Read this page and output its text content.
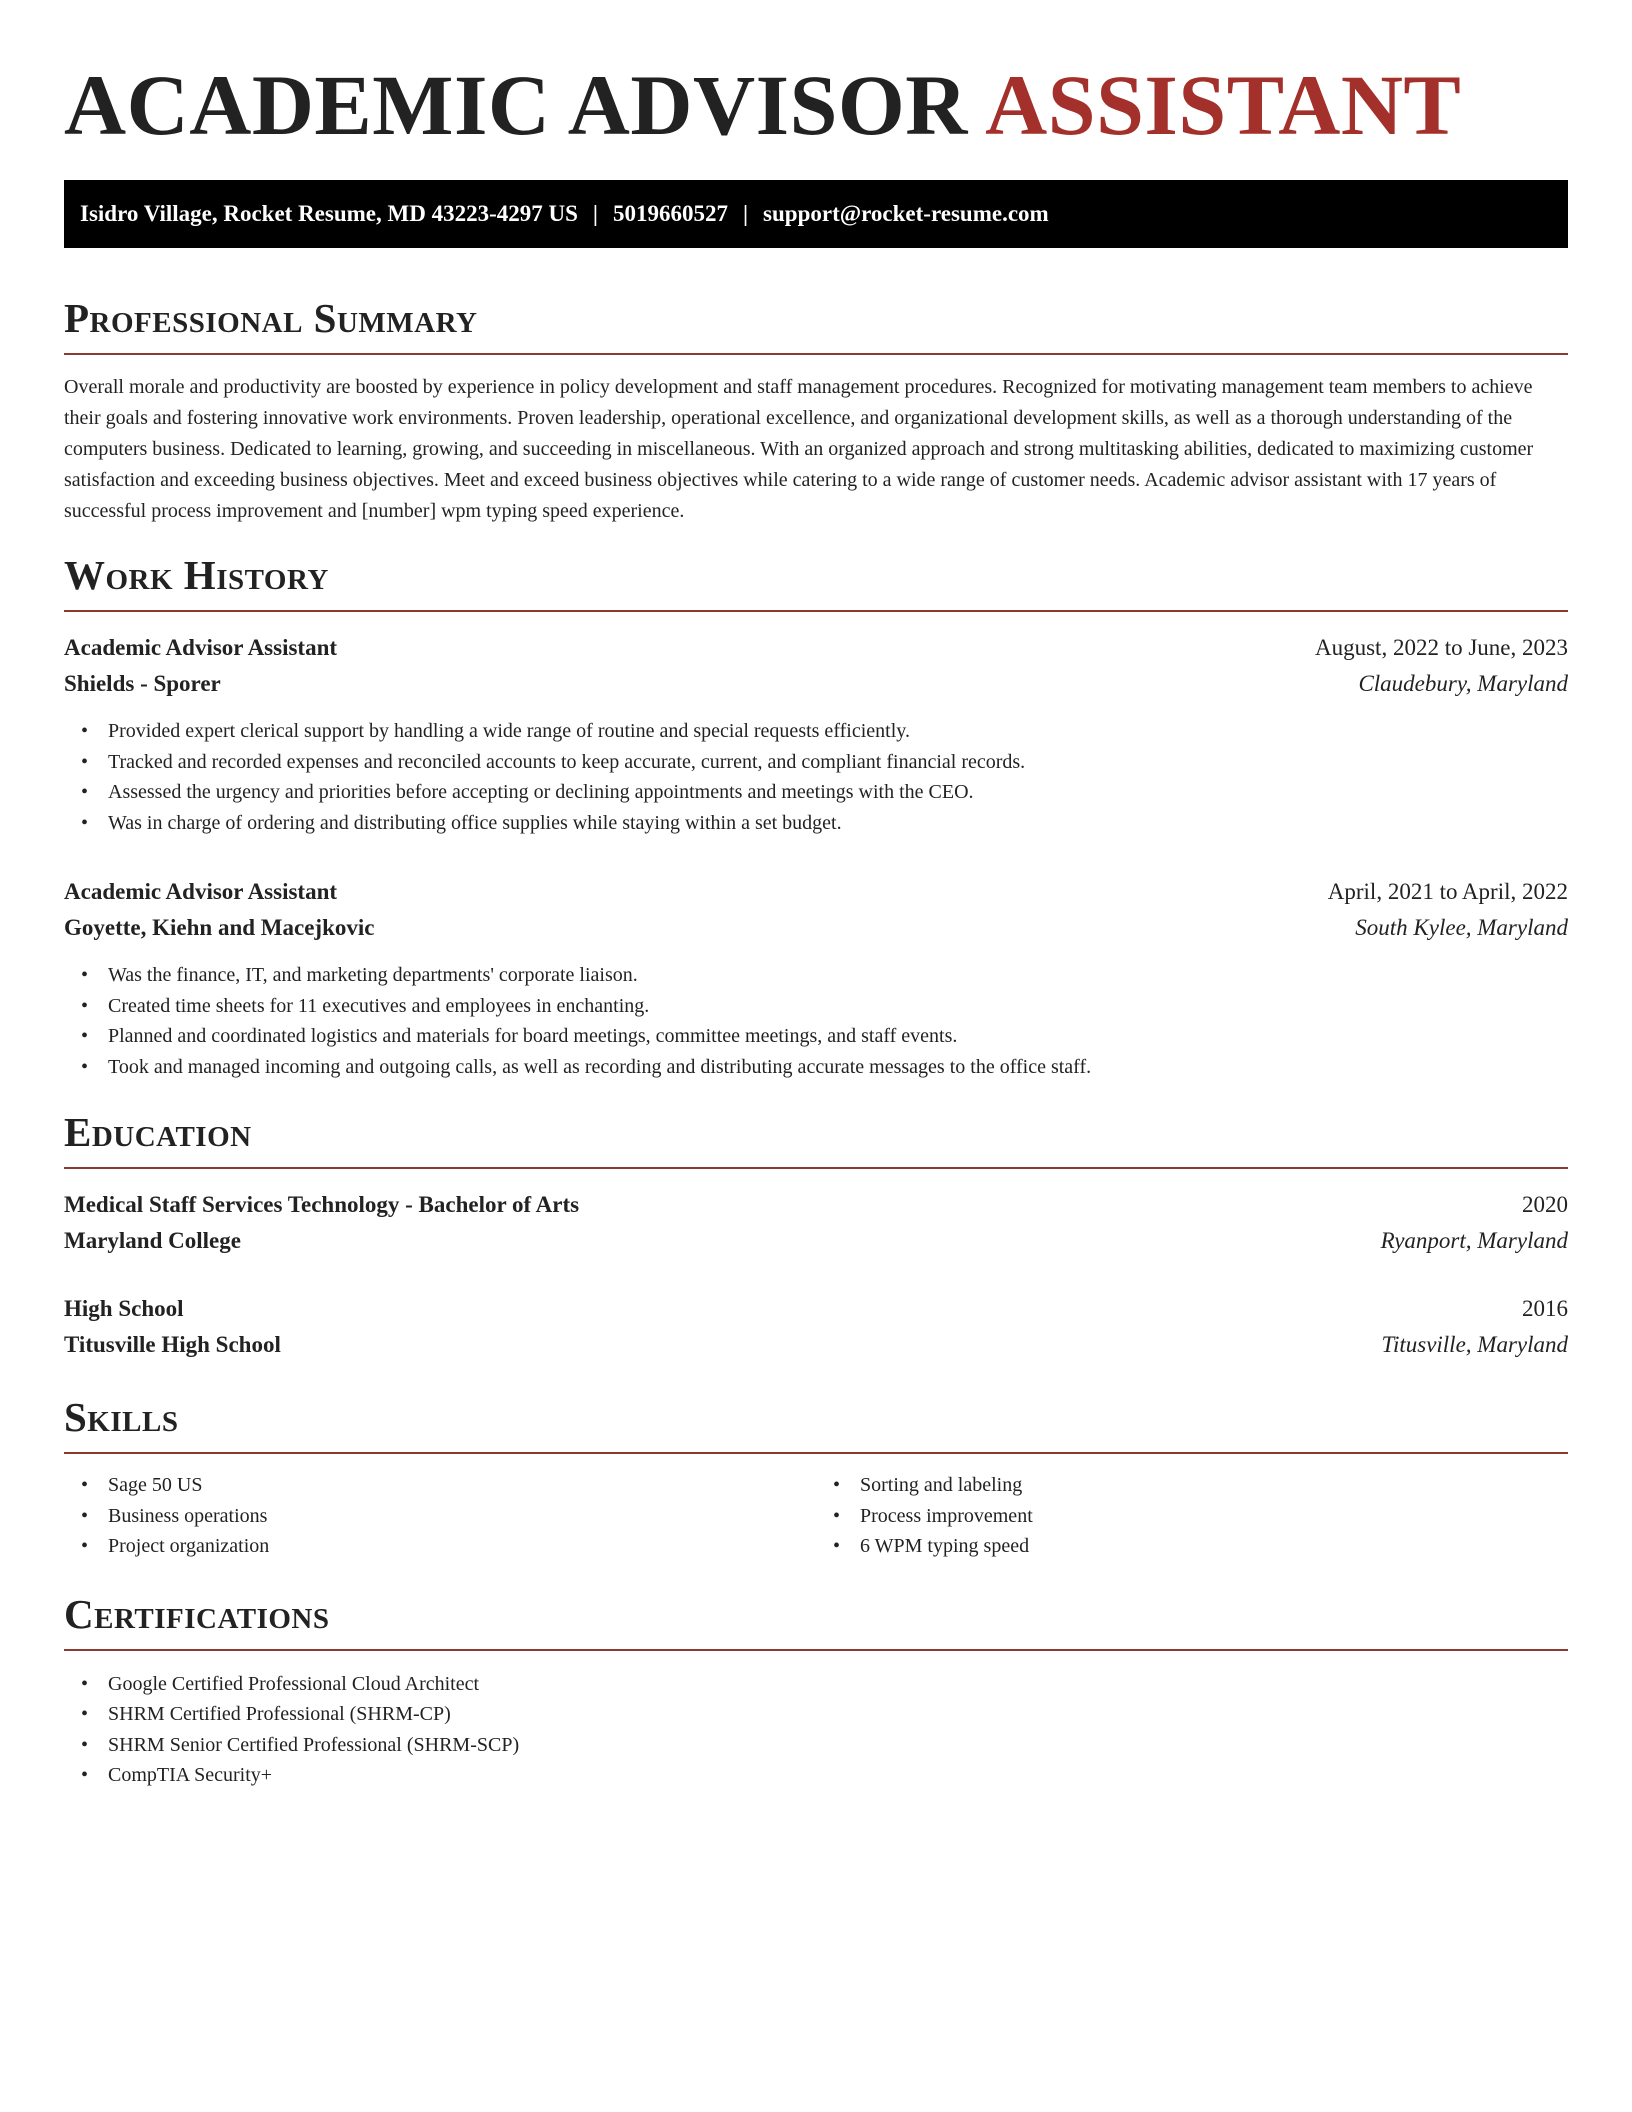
ACADEMIC ADVISOR ASSISTANT
Isidro Village, Rocket Resume, MD 43223-4297 US | 5019660527 | support@rocket-resume.com
Professional Summary

Overall morale and productivity are boosted by experience in policy development and staff management procedures. Recognized for motivating management team members to achieve their goals and fostering innovative work environments. Proven leadership, operational excellence, and organizational development skills, as well as a thorough understanding of the computers business. Dedicated to learning, growing, and succeeding in miscellaneous. With an organized approach and strong multitasking abilities, dedicated to maximizing customer satisfaction and exceeding business objectives. Meet and exceed business objectives while catering to a wide range of customer needs. Academic advisor assistant with 17 years of successful process improvement and [number] wpm typing speed experience.

Work History
Academic Advisor Assistant	August, 2022 to June, 2023
Shields - Sporer	Claudebury, Maryland
• Provided expert clerical support by handling a wide range of routine and special requests efficiently.
• Tracked and recorded expenses and reconciled accounts to keep accurate, current, and compliant financial records.
• Assessed the urgency and priorities before accepting or declining appointments and meetings with the CEO.
• Was in charge of ordering and distributing office supplies while staying within a set budget.
Academic Advisor Assistant	April, 2021 to April, 2022
Goyette, Kiehn and Macejkovic	South Kylee, Maryland
• Was the finance, IT, and marketing departments' corporate liaison.
• Created time sheets for 11 executives and employees in enchanting.
• Planned and coordinated logistics and materials for board meetings, committee meetings, and staff events.
• Took and managed incoming and outgoing calls, as well as recording and distributing accurate messages to the office staff.
Education
Medical Staff Services Technology - Bachelor of Arts	2020
Maryland College	Ryanport, Maryland
High School	2016
Titusville High School	Titusville, Maryland
Skills
• Sage 50 US
• Business operations
• Project organization
• Sorting and labeling
• Process improvement
• 6 WPM typing speed
Certifications
• Google Certified Professional Cloud Architect
• SHRM Certified Professional (SHRM-CP)
• SHRM Senior Certified Professional (SHRM-SCP)
• CompTIA Security+
